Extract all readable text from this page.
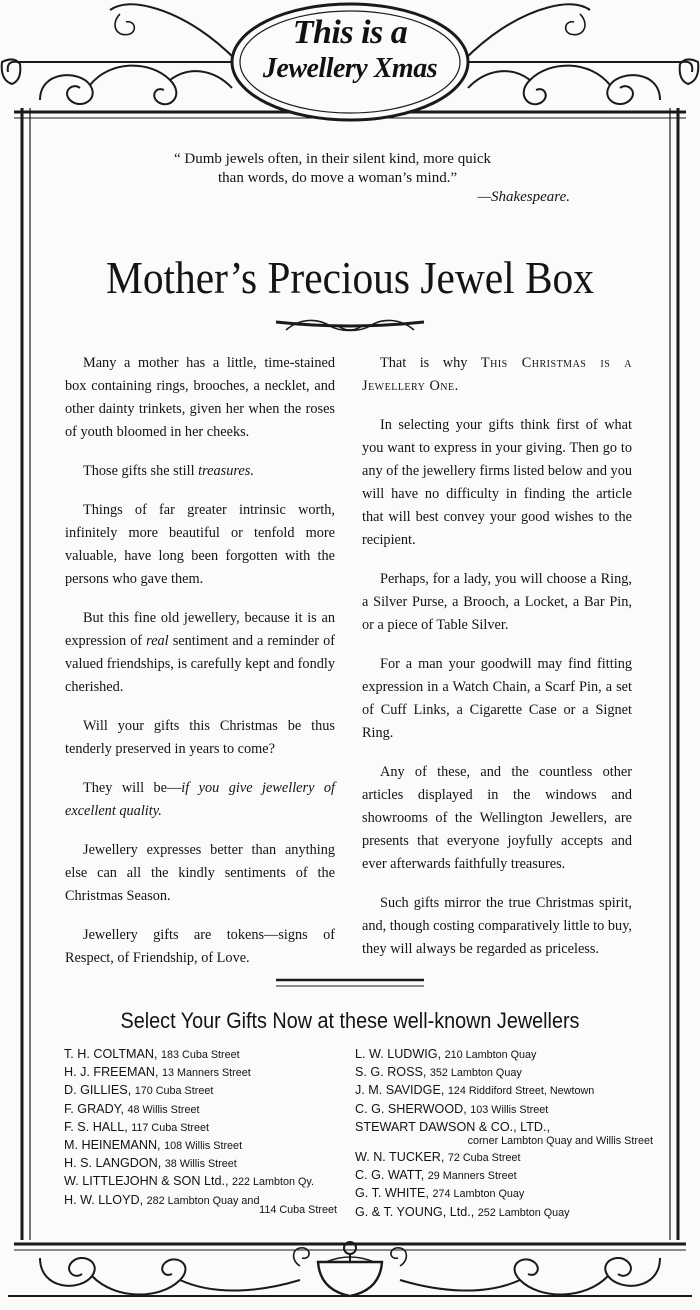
This is a
Jewellery Xmas
“ Dumb jewels often, in their silent kind, more quick
than words, do move a woman’s mind.”
—Shakespeare.
Mother’s Precious Jewel Box

Many a mother has a little, time-stained box containing rings, brooches, a necklet, and other dainty trinkets, given her when the roses of youth bloomed in her cheeks.

Those gifts she still treasures.

Things of far greater intrinsic worth, infinitely more beautiful or tenfold more valuable, have long been forgotten with the persons who gave them.

But this fine old jewellery, because it is an expression of real sentiment and a reminder of valued friendships, is carefully kept and fondly cherished.

Will your gifts this Christmas be thus tenderly preserved in years to come?

They will be—if you give jewellery of excellent quality.

Jewellery expresses better than anything else can all the kindly sentiments of the Christmas Season.

Jewellery gifts are tokens—signs of Respect, of Friendship, of Love.

That is why This Christmas is a Jewellery One.

In selecting your gifts think first of what you want to express in your giving. Then go to any of the jewellery firms listed below and you will have no difficulty in finding the article that will best convey your good wishes to the recipient.

Perhaps, for a lady, you will choose a Ring, a Silver Purse, a Brooch, a Locket, a Bar Pin, or a piece of Table Silver.

For a man your goodwill may find fitting expression in a Watch Chain, a Scarf Pin, a set of Cuff Links, a Cigarette Case or a Signet Ring.

Any of these, and the countless other articles displayed in the windows and showrooms of the Wellington Jewellers, are presents that everyone joyfully accepts and ever afterwards faithfully treasures.

Such gifts mirror the true Christmas spirit, and, though costing comparatively little to buy, they will always be regarded as priceless.

Select Your Gifts Now at these well-known Jewellers
T. H. COLTMAN, 183 Cuba Street
H. J. FREEMAN, 13 Manners Street
D. GILLIES, 170 Cuba Street
F. GRADY, 48 Willis Street
F. S. HALL, 117 Cuba Street
M. HEINEMANN, 108 Willis Street
H. S. LANGDON, 38 Willis Street
W. LITTLEJOHN & SON Ltd., 222 Lambton Qy.
H. W. LLOYD, 282 Lambton Quay and
114 Cuba Street
L. W. LUDWIG, 210 Lambton Quay
S. G. ROSS, 352 Lambton Quay
J. M. SAVIDGE, 124 Riddiford Street, Newtown
C. G. SHERWOOD, 103 Willis Street
STEWART DAWSON & CO., LTD.,
corner Lambton Quay and Willis Street
W. N. TUCKER, 72 Cuba Street
C. G. WATT, 29 Manners Street
G. T. WHITE, 274 Lambton Quay
G. & T. YOUNG, Ltd., 252 Lambton Quay
